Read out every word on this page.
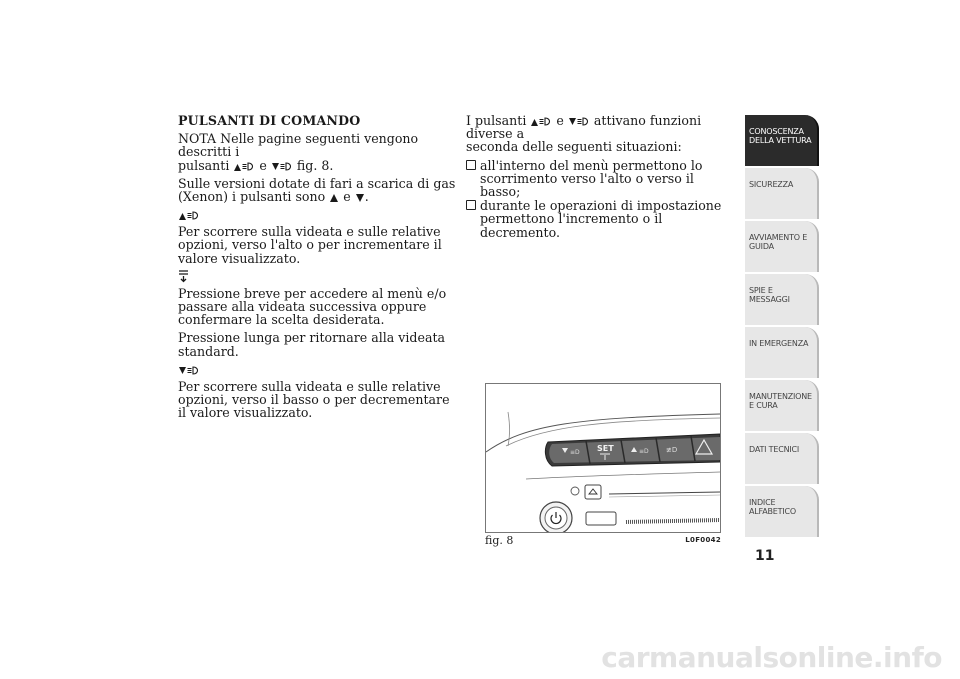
PULSANTI DI COMANDO
NOTA Nelle pagine seguenti vengono descritti i
pulsanti e fig. 8.
Sulle versioni dotate di fari a scarica di gas
(Xenon) i pulsanti sono e .
Per scorrere sulla videata e sulle relative opzioni, verso l'alto o per incrementare il valore visualizzato.
Pressione breve per accedere al menù e/o passare alla videata successiva oppure confermare la scelta desiderata.
Pressione lunga per ritornare alla videata standard.
Per scorrere sulla videata e sulle relative opzioni, verso il basso o per decrementare il valore visualizzato.
I pulsanti e attivano funzioni diverse a
seconda delle seguenti situazioni:
all'interno del menù permettono lo scorrimento verso l'alto o verso il basso;
durante le operazioni di impostazione permettono l'incremento o il decremento.
≡D SET	≡D ≢D
fig. 8	L0F0042
CONOSCENZA DELLA VETTURA
SICUREZZA
AVVIAMENTO E GUIDA
SPIE E MESSAGGI
IN EMERGENZA
MANUTENZIONE E CURA
DATI TECNICI
INDICE ALFABETICO
11
carmanualsonline.info
